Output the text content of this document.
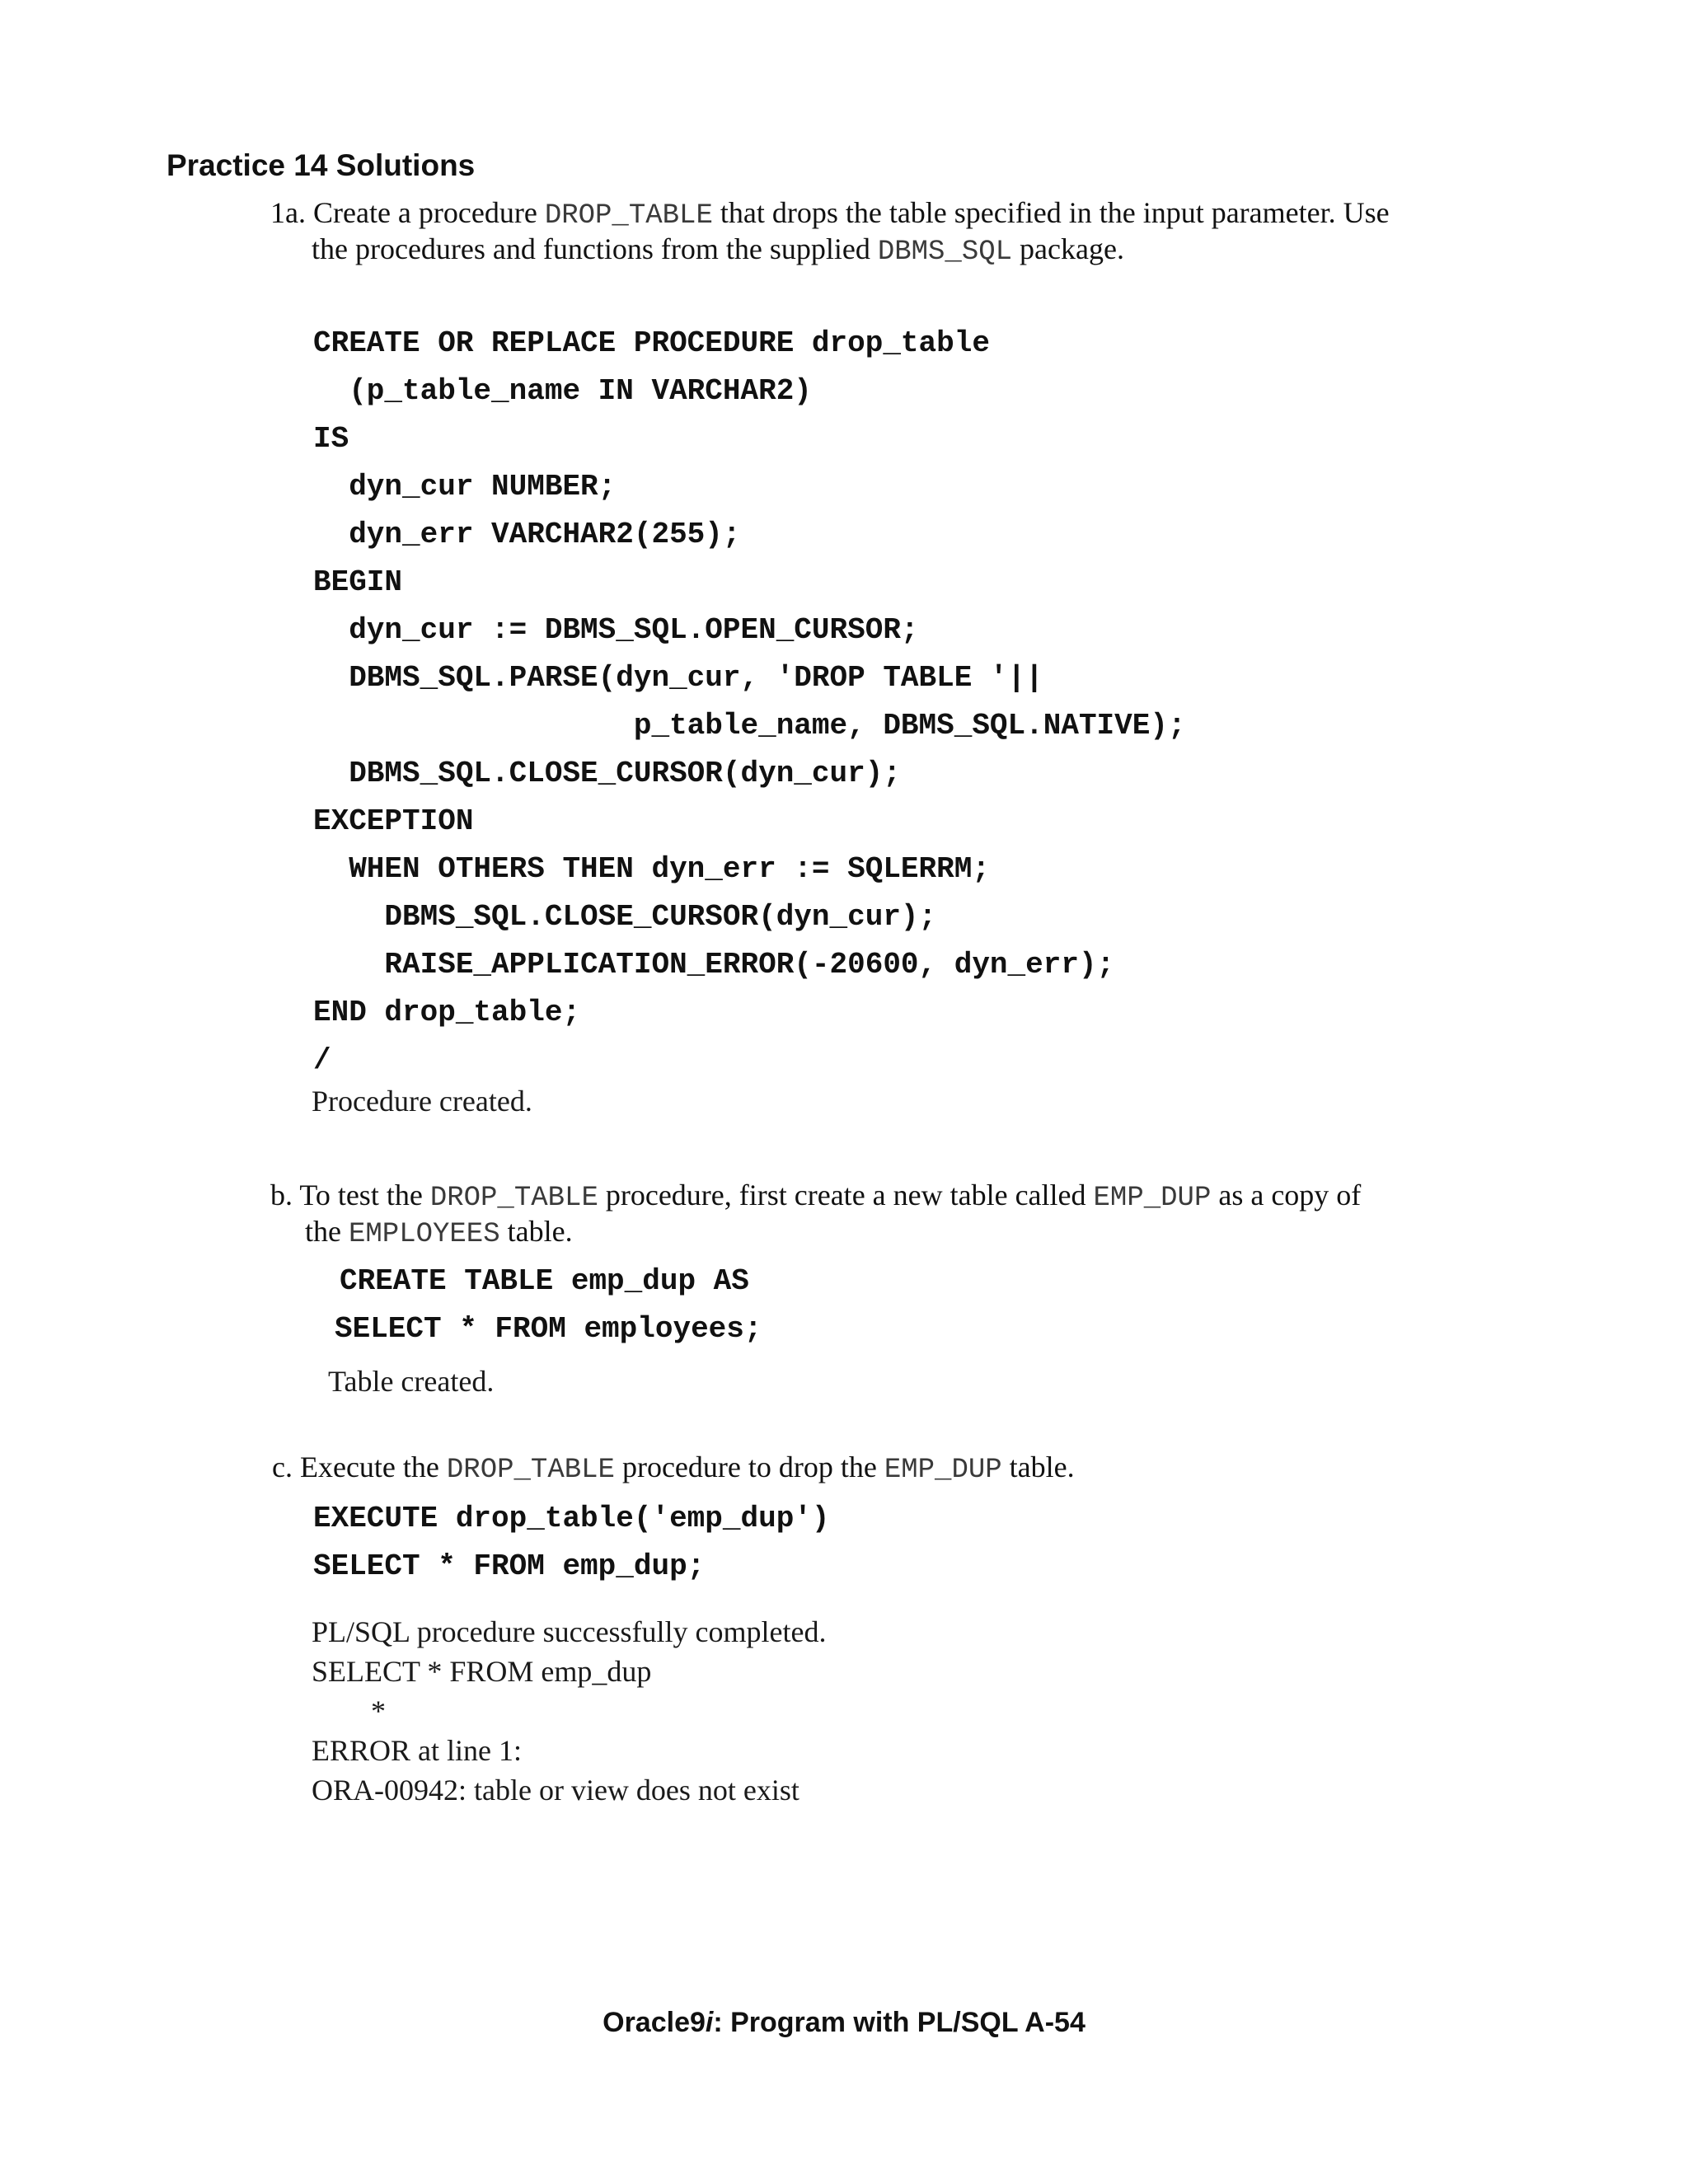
Practice 14 Solutions

1a. Create a procedure DROP_TABLE that drops the table specified in the input parameter. Use

the procedures and functions from the supplied DBMS_SQL package.

CREATE OR REPLACE PROCEDURE drop_table
(p_table_name IN VARCHAR2)
IS
dyn_cur NUMBER;
dyn_err VARCHAR2(255);
BEGIN
dyn_cur := DBMS_SQL.OPEN_CURSOR;
DBMS_SQL.PARSE(dyn_cur, 'DROP TABLE '||
p_table_name, DBMS_SQL.NATIVE);
DBMS_SQL.CLOSE_CURSOR(dyn_cur);
EXCEPTION
WHEN OTHERS THEN dyn_err := SQLERRM;
DBMS_SQL.CLOSE_CURSOR(dyn_cur);
RAISE_APPLICATION_ERROR(-20600, dyn_err);
END drop_table;
/
Procedure created.

b. To test the DROP_TABLE procedure, first create a new table called EMP_DUP as a copy of

the EMPLOYEES table.

CREATE TABLE emp_dup AS
SELECT * FROM employees;
Table created.

c. Execute the DROP_TABLE procedure to drop the EMP_DUP table.

EXECUTE drop_table('emp_dup')
SELECT * FROM emp_dup;
PL/SQL procedure successfully completed.
SELECT * FROM emp_dup
*
ERROR at line 1:
ORA-00942: table or view does not exist

Oracle9i: Program with PL/SQL A-54
